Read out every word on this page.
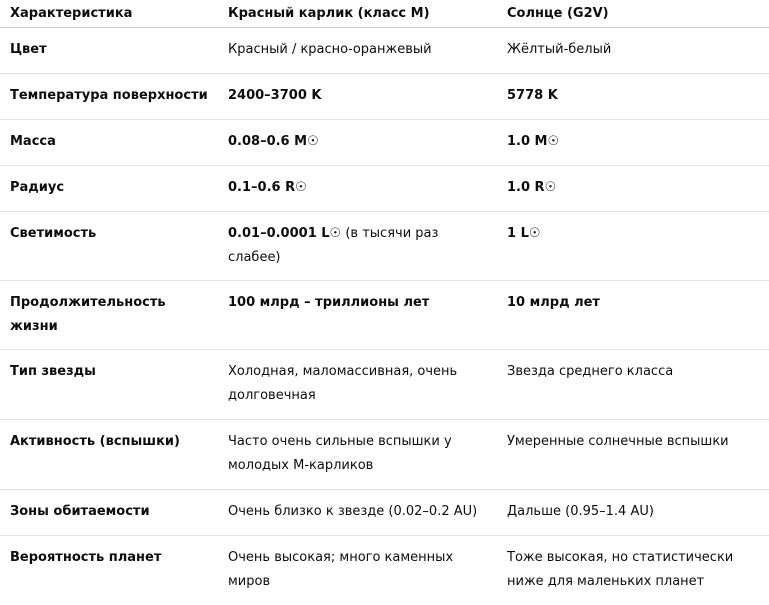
Характеристика	Красный карлик (класс M)	Солнце (G2V)
Цвет	Красный / красно-оранжевый	Жёлтый-белый
Температура поверхности	2400–3700 K	5778 K
Масса	0.08–0.6 M☉	1.0 M☉
Радиус	0.1–0.6 R☉	1.0 R☉
Светимость	0.01–0.0001 L☉ (в тысячи раз слабее)	1 L☉
Продолжительность жизни	100 млрд – триллионы лет	10 млрд лет
Тип звезды	Холодная, маломассивная, очень долговечная	Звезда среднего класса
Активность (вспышки)	Часто очень сильные вспышки у молодых M-карликов	Умеренные солнечные вспышки
Зоны обитаемости	Очень близко к звезде (0.02–0.2 AU)	Дальше (0.95–1.4 AU)
Вероятность планет	Очень высокая; много каменных миров	Тоже высокая, но статистически ниже для маленьких планет
